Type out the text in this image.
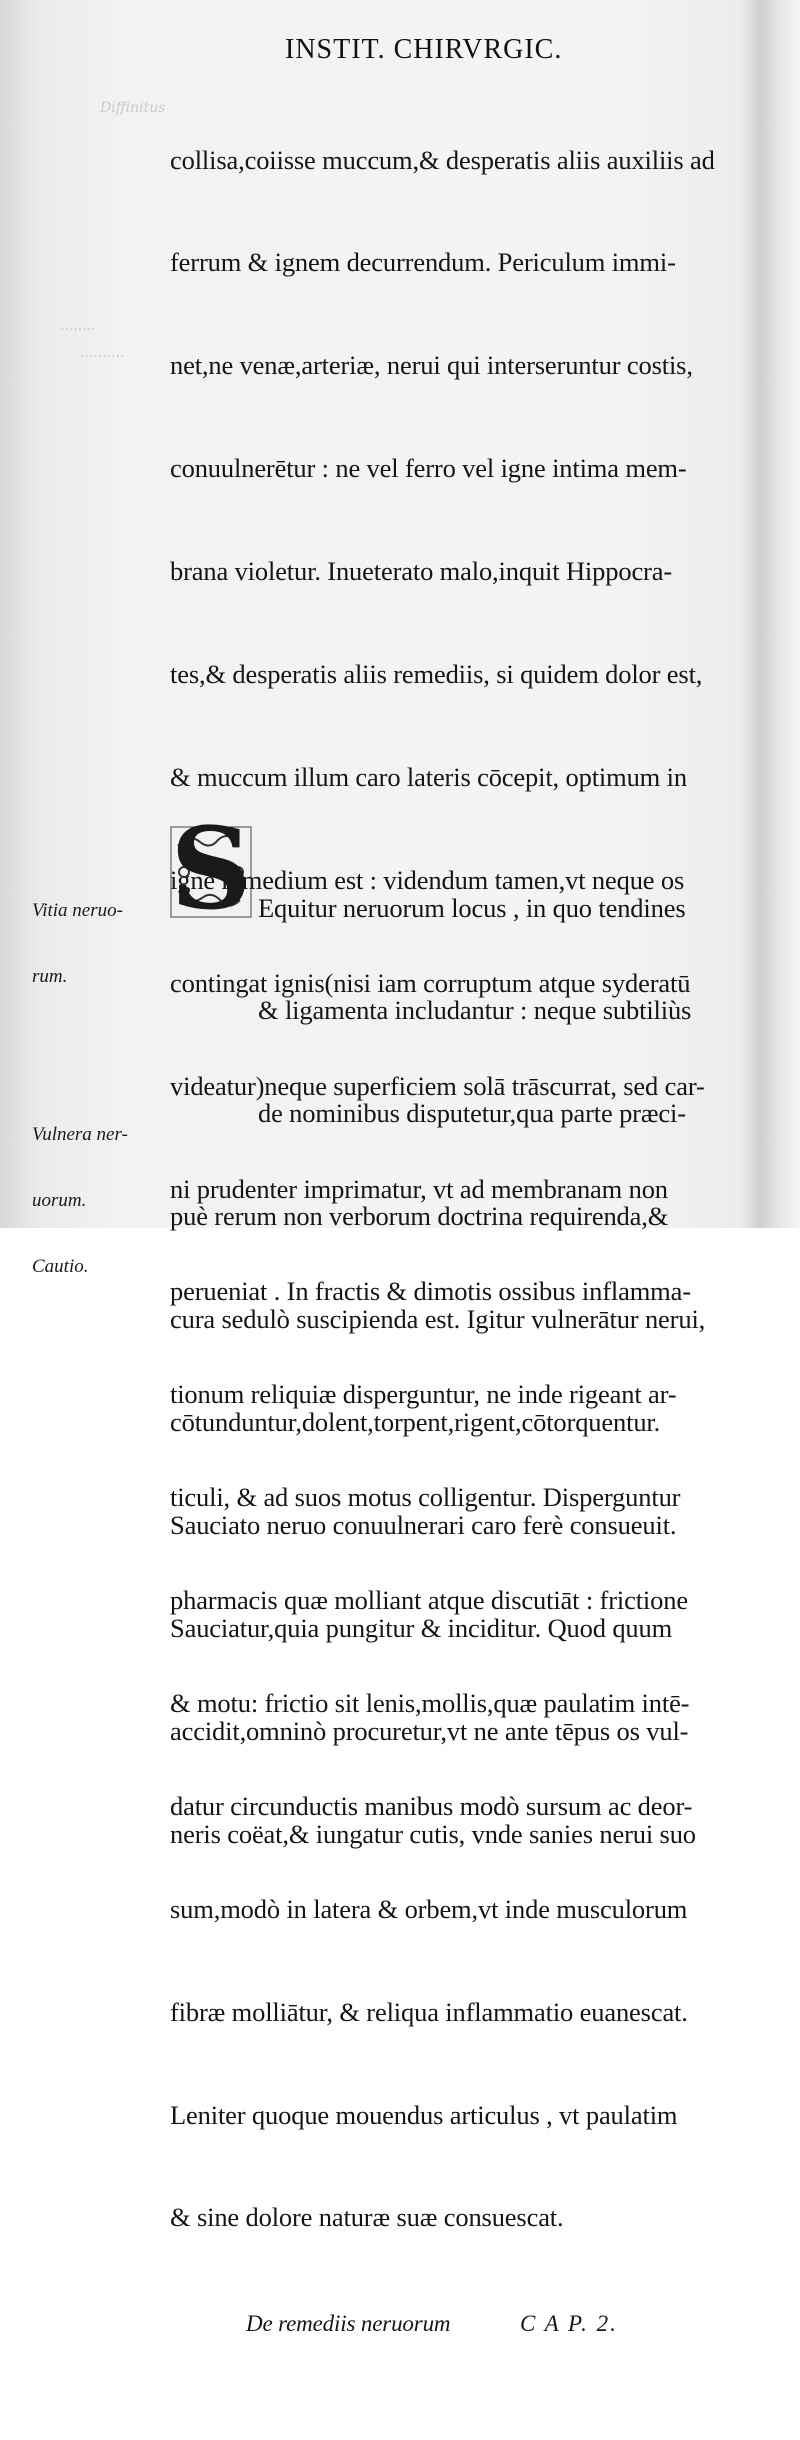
Diffinitus
........
..........
INSTIT. CHIRVRGIC.

collisa,coiisse muccum,& desperatis aliis auxiliis ad

ferrum & ignem decurrendum. Periculum immi-

net,ne venæ,arteriæ, nerui qui interseruntur costis,

conuulnerētur : ne vel ferro vel igne intima mem-

brana violetur. Inueterato malo,inquit Hippocra-

tes,& desperatis aliis remediis, si quidem dolor est,

& muccum illum caro lateris cōcepit, optimum in

igne remedium est : videndum tamen,vt neque os

contingat ignis(nisi iam corruptum atque syderatū

videatur)neque superficiem solā trāscurrat, sed car-

ni prudenter imprimatur, vt ad membranam non

perueniat . In fractis & dimotis ossibus inflamma-

tionum reliquiæ disperguntur, ne inde rigeant ar-

ticuli, & ad suos motus colligentur. Disperguntur

pharmacis quæ molliant atque discutiāt : frictione

& motu: frictio sit lenis,mollis,quæ paulatim intē-

datur circunductis manibus modò sursum ac deor-

sum,modò in latera & orbem,vt inde musculorum

fibræ molliātur, & reliqua inflammatio euanescat.

Leniter quoque mouendus articulus , vt paulatim

& sine dolore naturæ suæ consuescat.

De remediis neruorum

	C A P. 2.

S

Equitur neruorum locus , in quo tendines

& ligamenta includantur : neque subtiliùs

de nominibus disputetur,qua parte præci-

puè rerum non verborum doctrina requirenda,&

cura sedulò suscipienda est. Igitur vulnerātur nerui,

cōtunduntur,dolent,torpent,rigent,cōtorquentur.

Sauciato neruo conuulnerari caro ferè consueuit.

Sauciatur,quia pungitur & inciditur. Quod quum

accidit,omninò procuretur,vt ne ante tēpus os vul-

neris coëat,& iungatur cutis, vnde sanies nerui suo

Vitia neruo-

rum.

Vulnera ner-

uorum.

Cautio.
